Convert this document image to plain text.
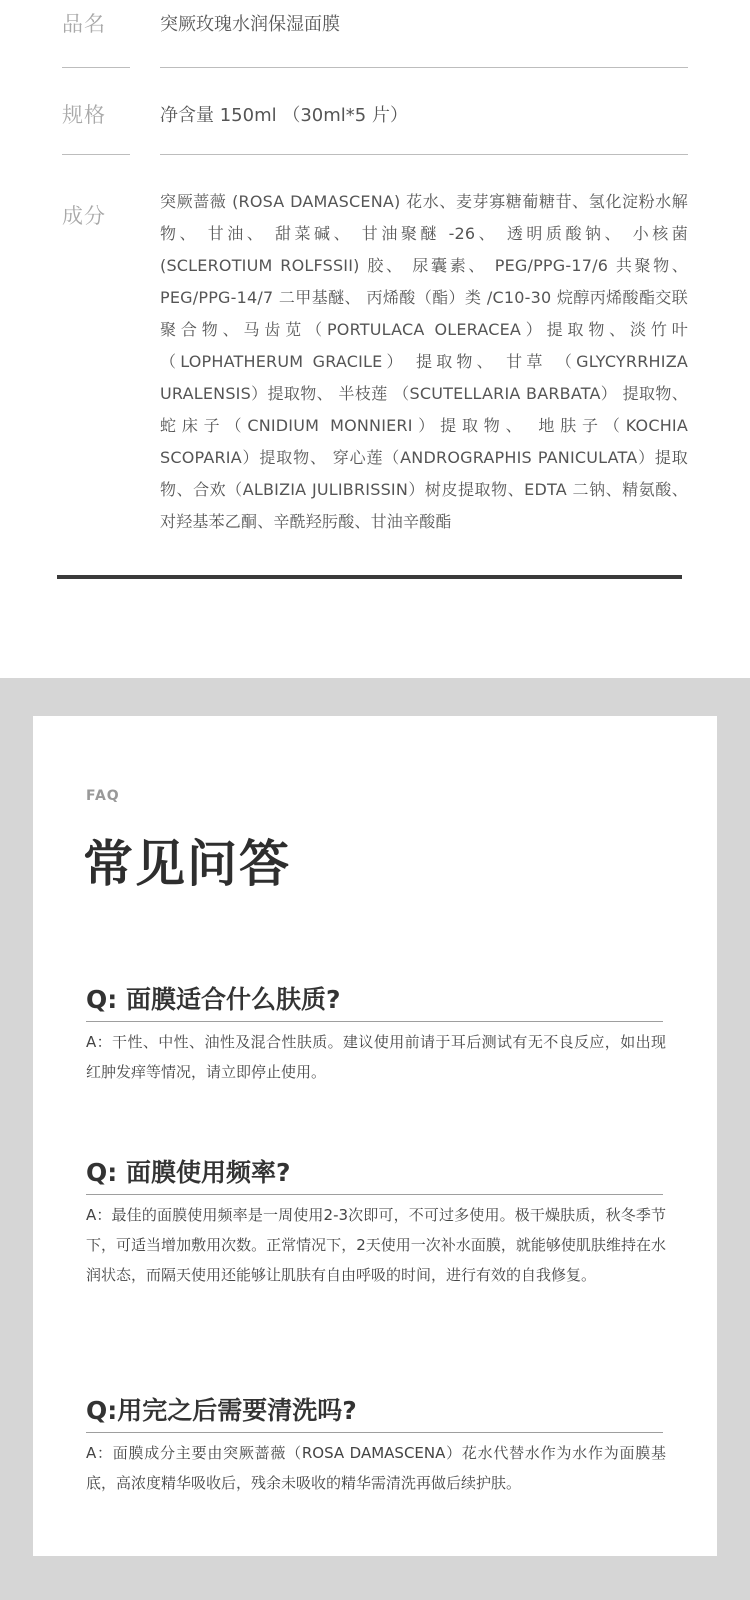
品名	突厥玫瑰水润保湿面膜
规格	净含量 150ml （30ml*5 片）
成分
突厥蔷薇 (ROSA DAMASCENA) 花水、麦芽寡糖葡糖苷、氢化淀粉水解物、 甘油、 甜菜碱、 甘油聚醚 -26、 透明质酸钠、 小核菌 (SCLEROTIUM ROLFSSII) 胶、 尿囊素、 PEG/PPG-17/6 共聚物、 PEG/PPG-14/7 二甲基醚、 丙烯酸（酯）类 /C10-30 烷醇丙烯酸酯交联聚合物、马齿苋（PORTULACA OLERACEA）提取物、淡竹叶 （LOPHATHERUM GRACILE） 提取物、 甘草 （GLYCYRRHIZA URALENSIS）提取物、 半枝莲 （SCUTELLARIA BARBATA） 提取物、 蛇床子（CNIDIUM MONNIERI）提取物、 地肤子（KOCHIA SCOPARIA）提取物、 穿心莲（ANDROGRAPHIS PANICULATA）提取物、合欢（ALBIZIA JULIBRISSIN）树皮提取物、EDTA 二钠、精氨酸、对羟基苯乙酮、辛酰羟肟酸、甘油辛酸酯
FAQ
常见问答
Q: 面膜适合什么肤质?
A：干性、中性、油性及混合性肤质。建议使用前请于耳后测试有无不良反应，如出现红肿发痒等情况，请立即停止使用。
Q: 面膜使用频率?
A：最佳的面膜使用频率是一周使用2-3次即可，不可过多使用。极干燥肤质，秋冬季节下，可适当增加敷用次数。正常情况下，2天使用一次补水面膜，就能够使肌肤维持在水润状态，而隔天使用还能够让肌肤有自由呼吸的时间，进行有效的自我修复。
Q:用完之后需要清洗吗?
A：面膜成分主要由突厥蔷薇（ROSA DAMASCENA）花水代替水作为水作为面膜基底，高浓度精华吸收后，残余未吸收的精华需清洗再做后续护肤。
